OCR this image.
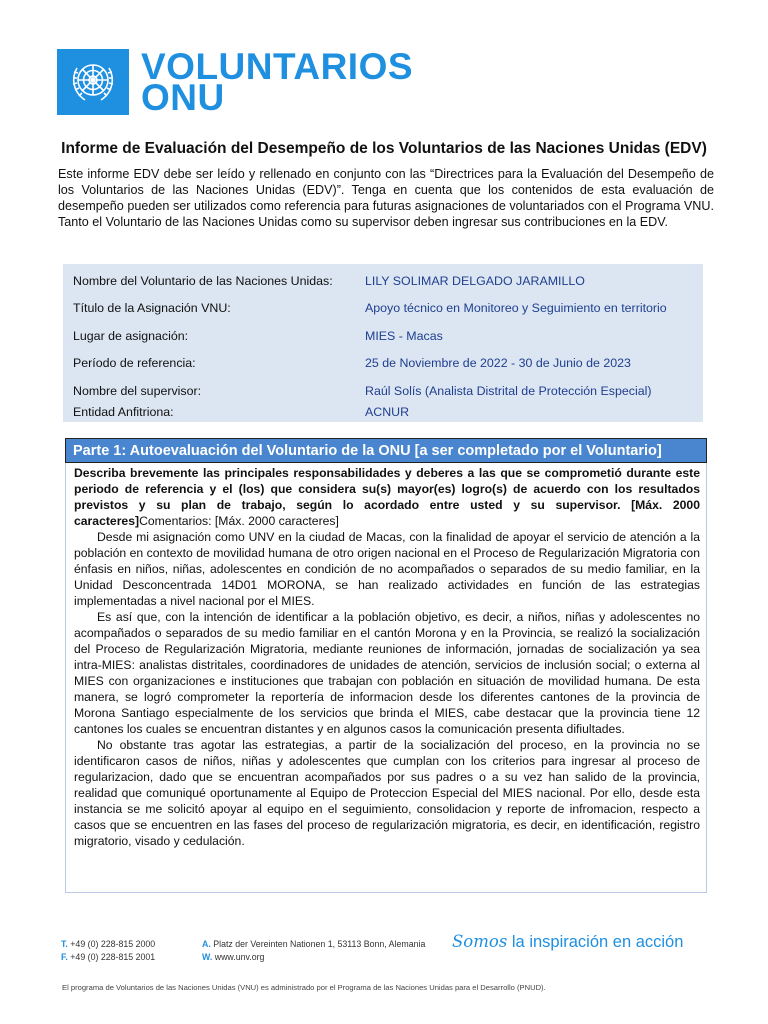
VOLUNTARIOS
ONU
Informe de Evaluación del Desempeño de los Voluntarios de las Naciones Unidas (EDV)
Este informe EDV debe ser leído y rellenado en conjunto con las “Directrices para la Evaluación del Desempeño de los Voluntarios de las Naciones Unidas (EDV)”. Tenga en cuenta que los contenidos de esta evaluación de desempeño pueden ser utilizados como referencia para futuras asignaciones de voluntariados con el Programa VNU. Tanto el Voluntario de las Naciones Unidas como su supervisor deben ingresar sus contribuciones en la EDV.
Nombre del Voluntario de las Naciones Unidas:	LILY SOLIMAR DELGADO JARAMILLO
Título de la Asignación VNU:	Apoyo técnico en Monitoreo y Seguimiento en territorio
Lugar de asignación:	MIES - Macas
Período de referencia:	25 de Noviembre de 2022 - 30 de Junio de 2023
Nombre del supervisor:	Raúl Solís (Analista Distrital de Protección Especial)
Entidad Anfitriona:	ACNUR
Parte 1: Autoevaluación del Voluntario de la ONU [a ser completado por el Voluntario]

Describa brevemente las principales responsabilidades y deberes a las que se comprometió durante este periodo de referencia y el (los) que considera su(s) mayor(es) logro(s) de acuerdo con los resultados previstos y su plan de trabajo, según lo acordado entre usted y su supervisor. [Máx. 2000 caracteres]Comentarios: [Máx. 2000 caracteres]

Desde mi asignación como UNV en la ciudad de Macas, con la finalidad de apoyar el servicio de atención a la población en contexto de movilidad humana de otro origen nacional en el Proceso de Regularización Migratoria con énfasis en niños, niñas, adolescentes en condición de no acompañados o separados de su medio familiar, en la Unidad Desconcentrada 14D01 MORONA, se han realizado actividades en función de las estrategias implementadas a nivel nacional por el MIES.

Es así que, con la intención de identificar a la población objetivo, es decir, a niños, niñas y adolescentes no acompañados o separados de su medio familiar en el cantón Morona y en la Provincia, se realizó la socialización del Proceso de Regularización Migratoria, mediante reuniones de información, jornadas de socialización ya sea intra-MIES: analistas distritales, coordinadores de unidades de atención, servicios de inclusión social; o externa al MIES con organizaciones e instituciones que trabajan con población en situación de movilidad humana. De esta manera, se logró comprometer la reportería de informacion desde los diferentes cantones de la provincia de Morona Santiago especialmente de los servicios que brinda el MIES, cabe destacar que la provincia tiene 12 cantones los cuales se encuentran distantes y en algunos casos la comunicación presenta difiultades.

No obstante tras agotar las estrategias, a partir de la socialización del proceso, en la provincia no se identificaron casos de niños, niñas y adolescentes que cumplan con los criterios para ingresar al proceso de regularizacion, dado que se encuentran acompañados por sus padres o a su vez han salido de la provincia, realidad que comuniqué oportunamente al Equipo de Proteccion Especial del MIES nacional. Por ello, desde esta instancia se me solicitó apoyar al equipo en el seguimiento, consolidacion y reporte de infromacion, respecto a casos que se encuentren en las fases del proceso de regularización migratoria, es decir, en identificación, registro migratorio, visado y cedulación.

T. +49 (0) 228-815 2000
F. +49 (0) 228-815 2001
A. Platz der Vereinten Nationen 1, 53113 Bonn, Alemania
W. www.unv.org
Somos la inspiración en acción
El programa de Voluntarios de las Naciones Unidas (VNU) es administrado por el Programa de las Naciones Unidas para el Desarrollo (PNUD).
